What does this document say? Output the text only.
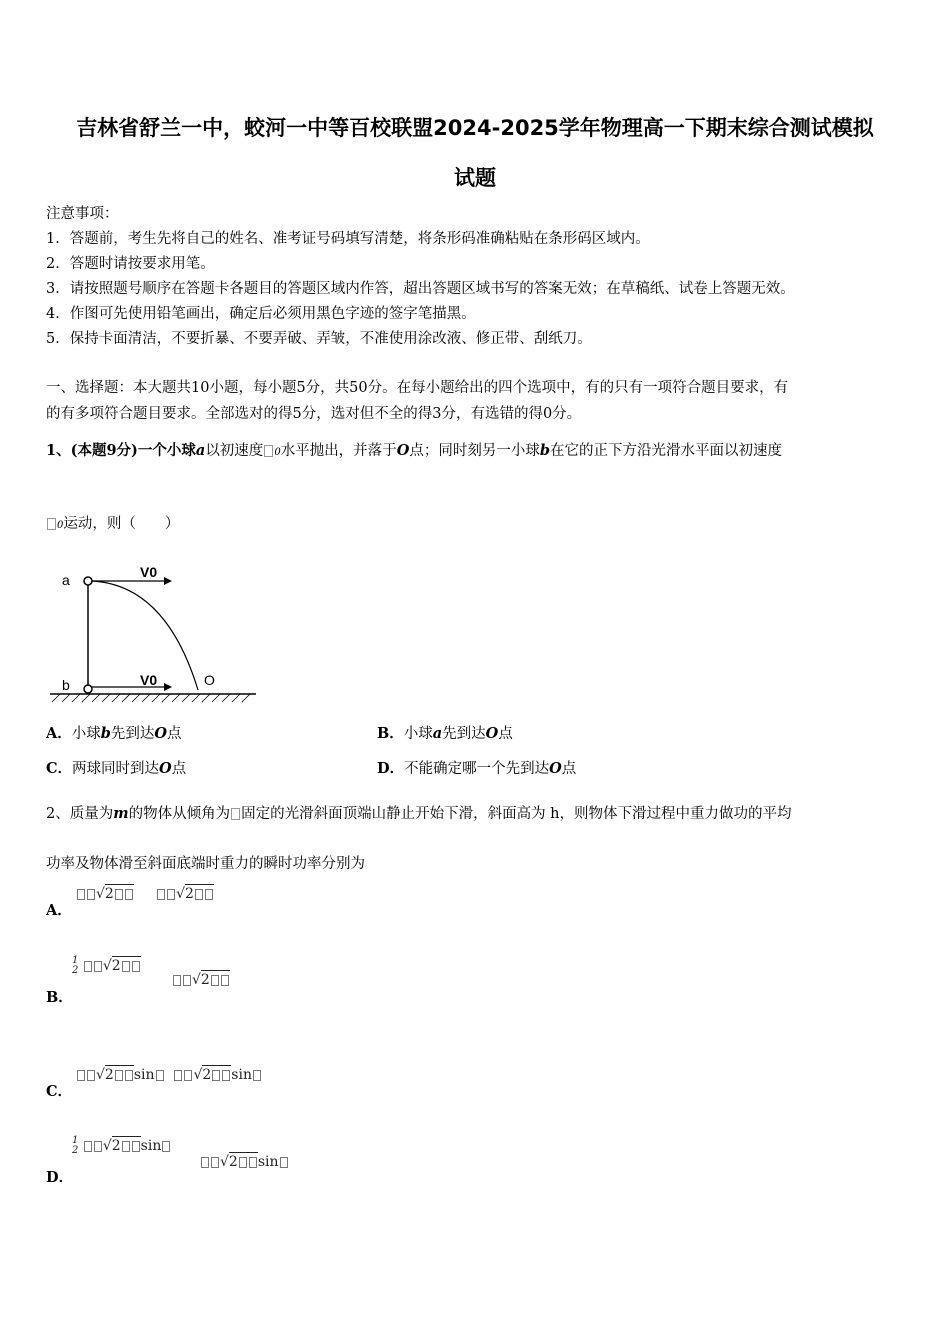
吉林省舒兰一中，蛟河一中等百校联盟2024-2025学年物理高一下期末综合测试模拟
试题
注意事项：
1．答题前，考生先将自己的姓名、准考证号码填写清楚，将条形码准确粘贴在条形码区域内。
2．答题时请按要求用笔。
3．请按照题号顺序在答题卡各题目的答题区域内作答，超出答题区域书写的答案无效；在草稿纸、试卷上答题无效。
4．作图可先使用铅笔画出，确定后必须用黑色字迹的签字笔描黑。
5．保持卡面清洁，不要折暴、不要弄破、弄皱，不准使用涂改液、修正带、刮纸刀。
一、选择题：本大题共10小题，每小题5分，共50分。在每小题给出的四个选项中，有的只有一项符合题目要求，有
的有多项符合题目要求。全部选对的得5分，选对但不全的得3分，有选错的得0分。
1、(本题9分)一个小球a以初速度 0水平抛出，并落于O点；同时刻另一小球b在它的正下方沿光滑水平面以初速度
0运动，则（　　）
a	V0
O
b	V0
A．小球b先到达O点	B．小球a先到达O点
C．两球同时到达O点	D．不能确定哪一个先到达O点
2、质量为m的物体从倾角为 固定的光滑斜面顶端山静止开始下滑，斜面高为 h，则物体下滑过程中重力做功的平均
功率及物体滑至斜面底端时重力的瞬时功率分别为
A．
√2	√2
B．
1
2 √2
√2
C．
√2 sin	√2 sin
D．
1
2 √2 sin
√2 sin
